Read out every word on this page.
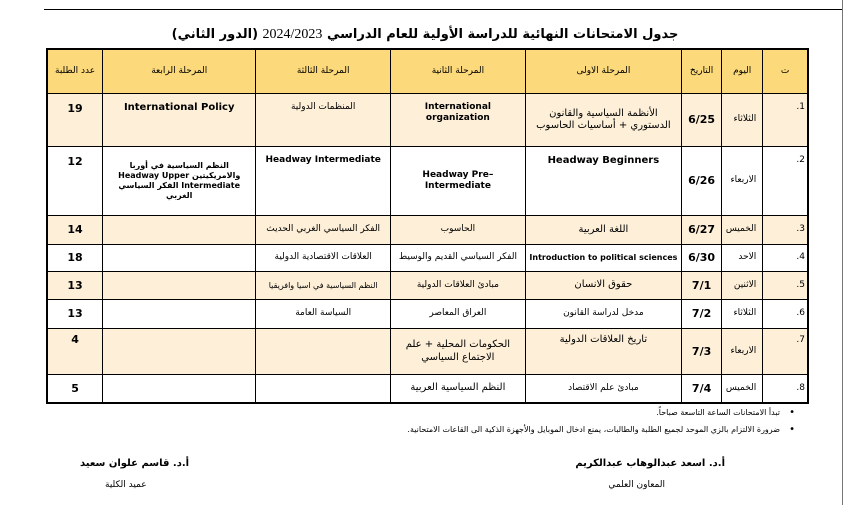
جدول الامتحانات النهائية للدراسة الأولية للعام الدراسي 2024/2023 (الدور الثاني)
ت	اليوم	التاريخ	المرحلة الاولى	المرحلة الثانية	المرحلة الثالثة	المرحلة الرابعة	عدد الطلبة
1.	الثلاثاء	6/25	الأنظمة السياسية والقانون الدستوري + أساسيات الحاسوب	International organization	المنظمات الدولية	International Policy	19
2.	الاربعاء	6/26	Headway Beginners	Headway Pre–Intermediate	Headway Intermediate	النظم السياسية في أوربا والامريكيتين Headway Upper Intermediate الفكر السياسي الغربي	12
3.	الخميس	6/27	اللغة العربية	الحاسوب	الفكر السياسي الغربي الحديث		14
4.	الاحد	6/30	Introduction to political sciences	الفكر السياسي القديم والوسيط	العلاقات الاقتصادية الدولية		18
5.	الاثنين	7/1	حقوق الانسان	مبادئ العلاقات الدولية	النظم السياسية في اسيا وافريقيا		13
6.	الثلاثاء	7/2	مدخل لدراسة القانون	العراق المعاصر	السياسة العامة		13
7.	الاربعاء	7/3	تاريخ العلاقات الدولية	الحكومات المحلية + علم الاجتماع السياسي			4
8.	الخميس	7/4	مبادئ علم الاقتصاد	النظم السياسية العربية			5
• تبدأ الامتحانات الساعة التاسعة صباحاً.
• ضرورة الالتزام بالزي الموحد لجميع الطلبة والطالبات، يمنع ادخال الموبايل والأجهزة الذكية الى القاعات الامتحانية.
أ.د. اسعد عبدالوهاب عبدالكريم
المعاون العلمي
أ.د. قاسم علوان سعيد
عميد الكلية
